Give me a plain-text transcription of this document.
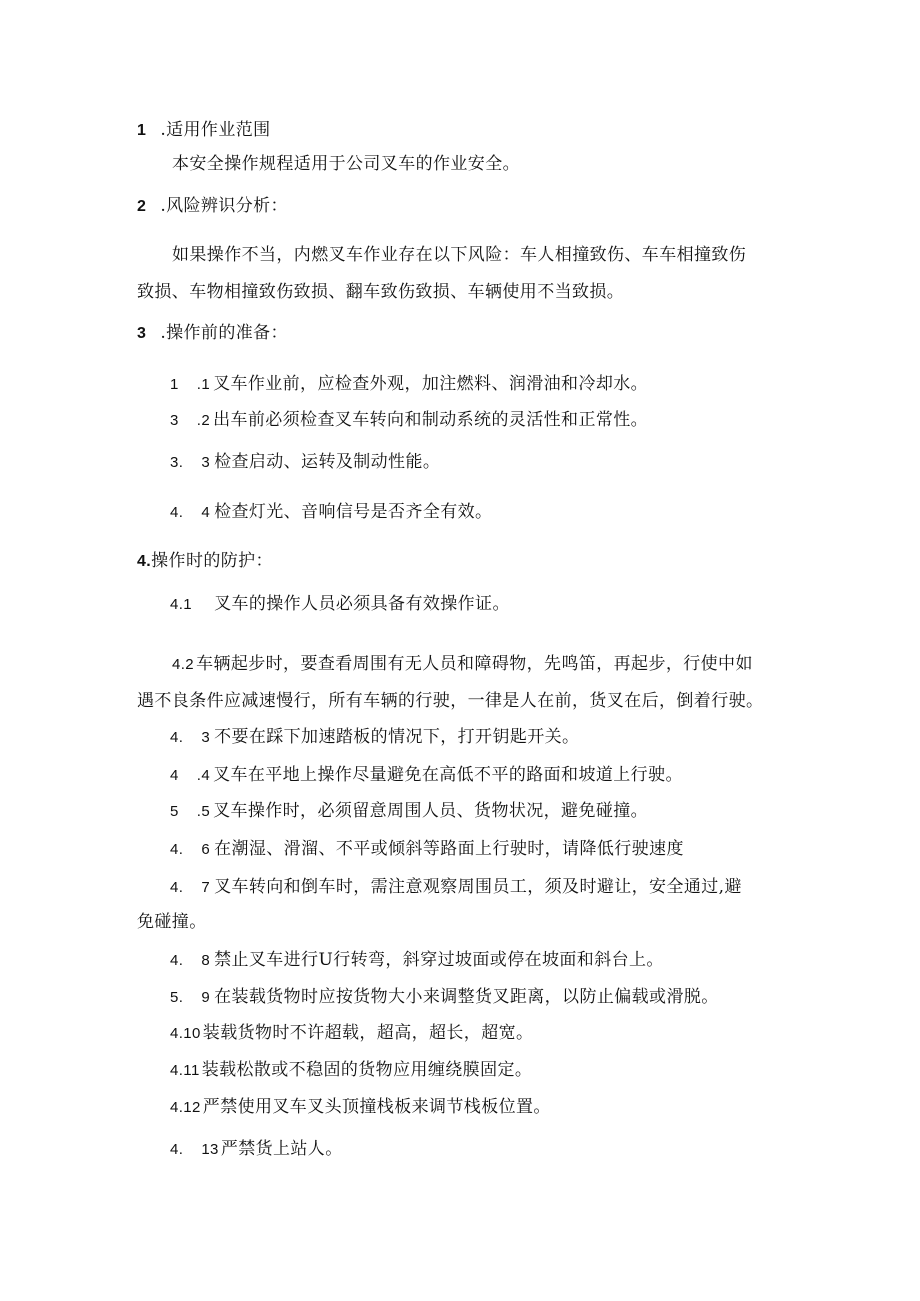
1 .适用作业范围
本安全操作规程适用于公司叉车的作业安全。
2 .风险辨识分析：
如果操作不当，内燃叉车作业存在以下风险：车人相撞致伤、车车相撞致伤
致损、车物相撞致伤致损、翻车致伤致损、车辆使用不当致损。
3 .操作前的准备：
1 .1 叉车作业前，应检查外观，加注燃料、润滑油和冷却水。
3 .2 出车前必须检查叉车转向和制动系统的灵活性和正常性。
3. 3 检查启动、运转及制动性能。
4. 4 检查灯光、音响信号是否齐全有效。
4.操作时的防护：
4.1 叉车的操作人员必须具备有效操作证。
4.2 车辆起步时，要查看周围有无人员和障碍物，先鸣笛，再起步，行使中如
遇不良条件应减速慢行，所有车辆的行驶，一律是人在前，货叉在后，倒着行驶。
4. 3 不要在踩下加速踏板的情况下，打开钥匙开关。
4 .4 叉车在平地上操作尽量避免在高低不平的路面和坡道上行驶。
5 .5 叉车操作时，必须留意周围人员、货物状况，避免碰撞。
4. 6 在潮湿、滑溜、不平或倾斜等路面上行驶时，请降低行驶速度
4. 7 叉车转向和倒车时，需注意观察周围员工，须及时避让，安全通过,避
免碰撞。
4. 8 禁止叉车进行U行转弯，斜穿过坡面或停在坡面和斜台上。
5. 9 在装载货物时应按货物大小来调整货叉距离，以防止偏载或滑脱。
4.10 装载货物时不许超载，超高，超长，超宽。
4.11 装载松散或不稳固的货物应用缠绕膜固定。
4.12 严禁使用叉车叉头顶撞栈板来调节栈板位置。
4. 13 严禁货上站人。
